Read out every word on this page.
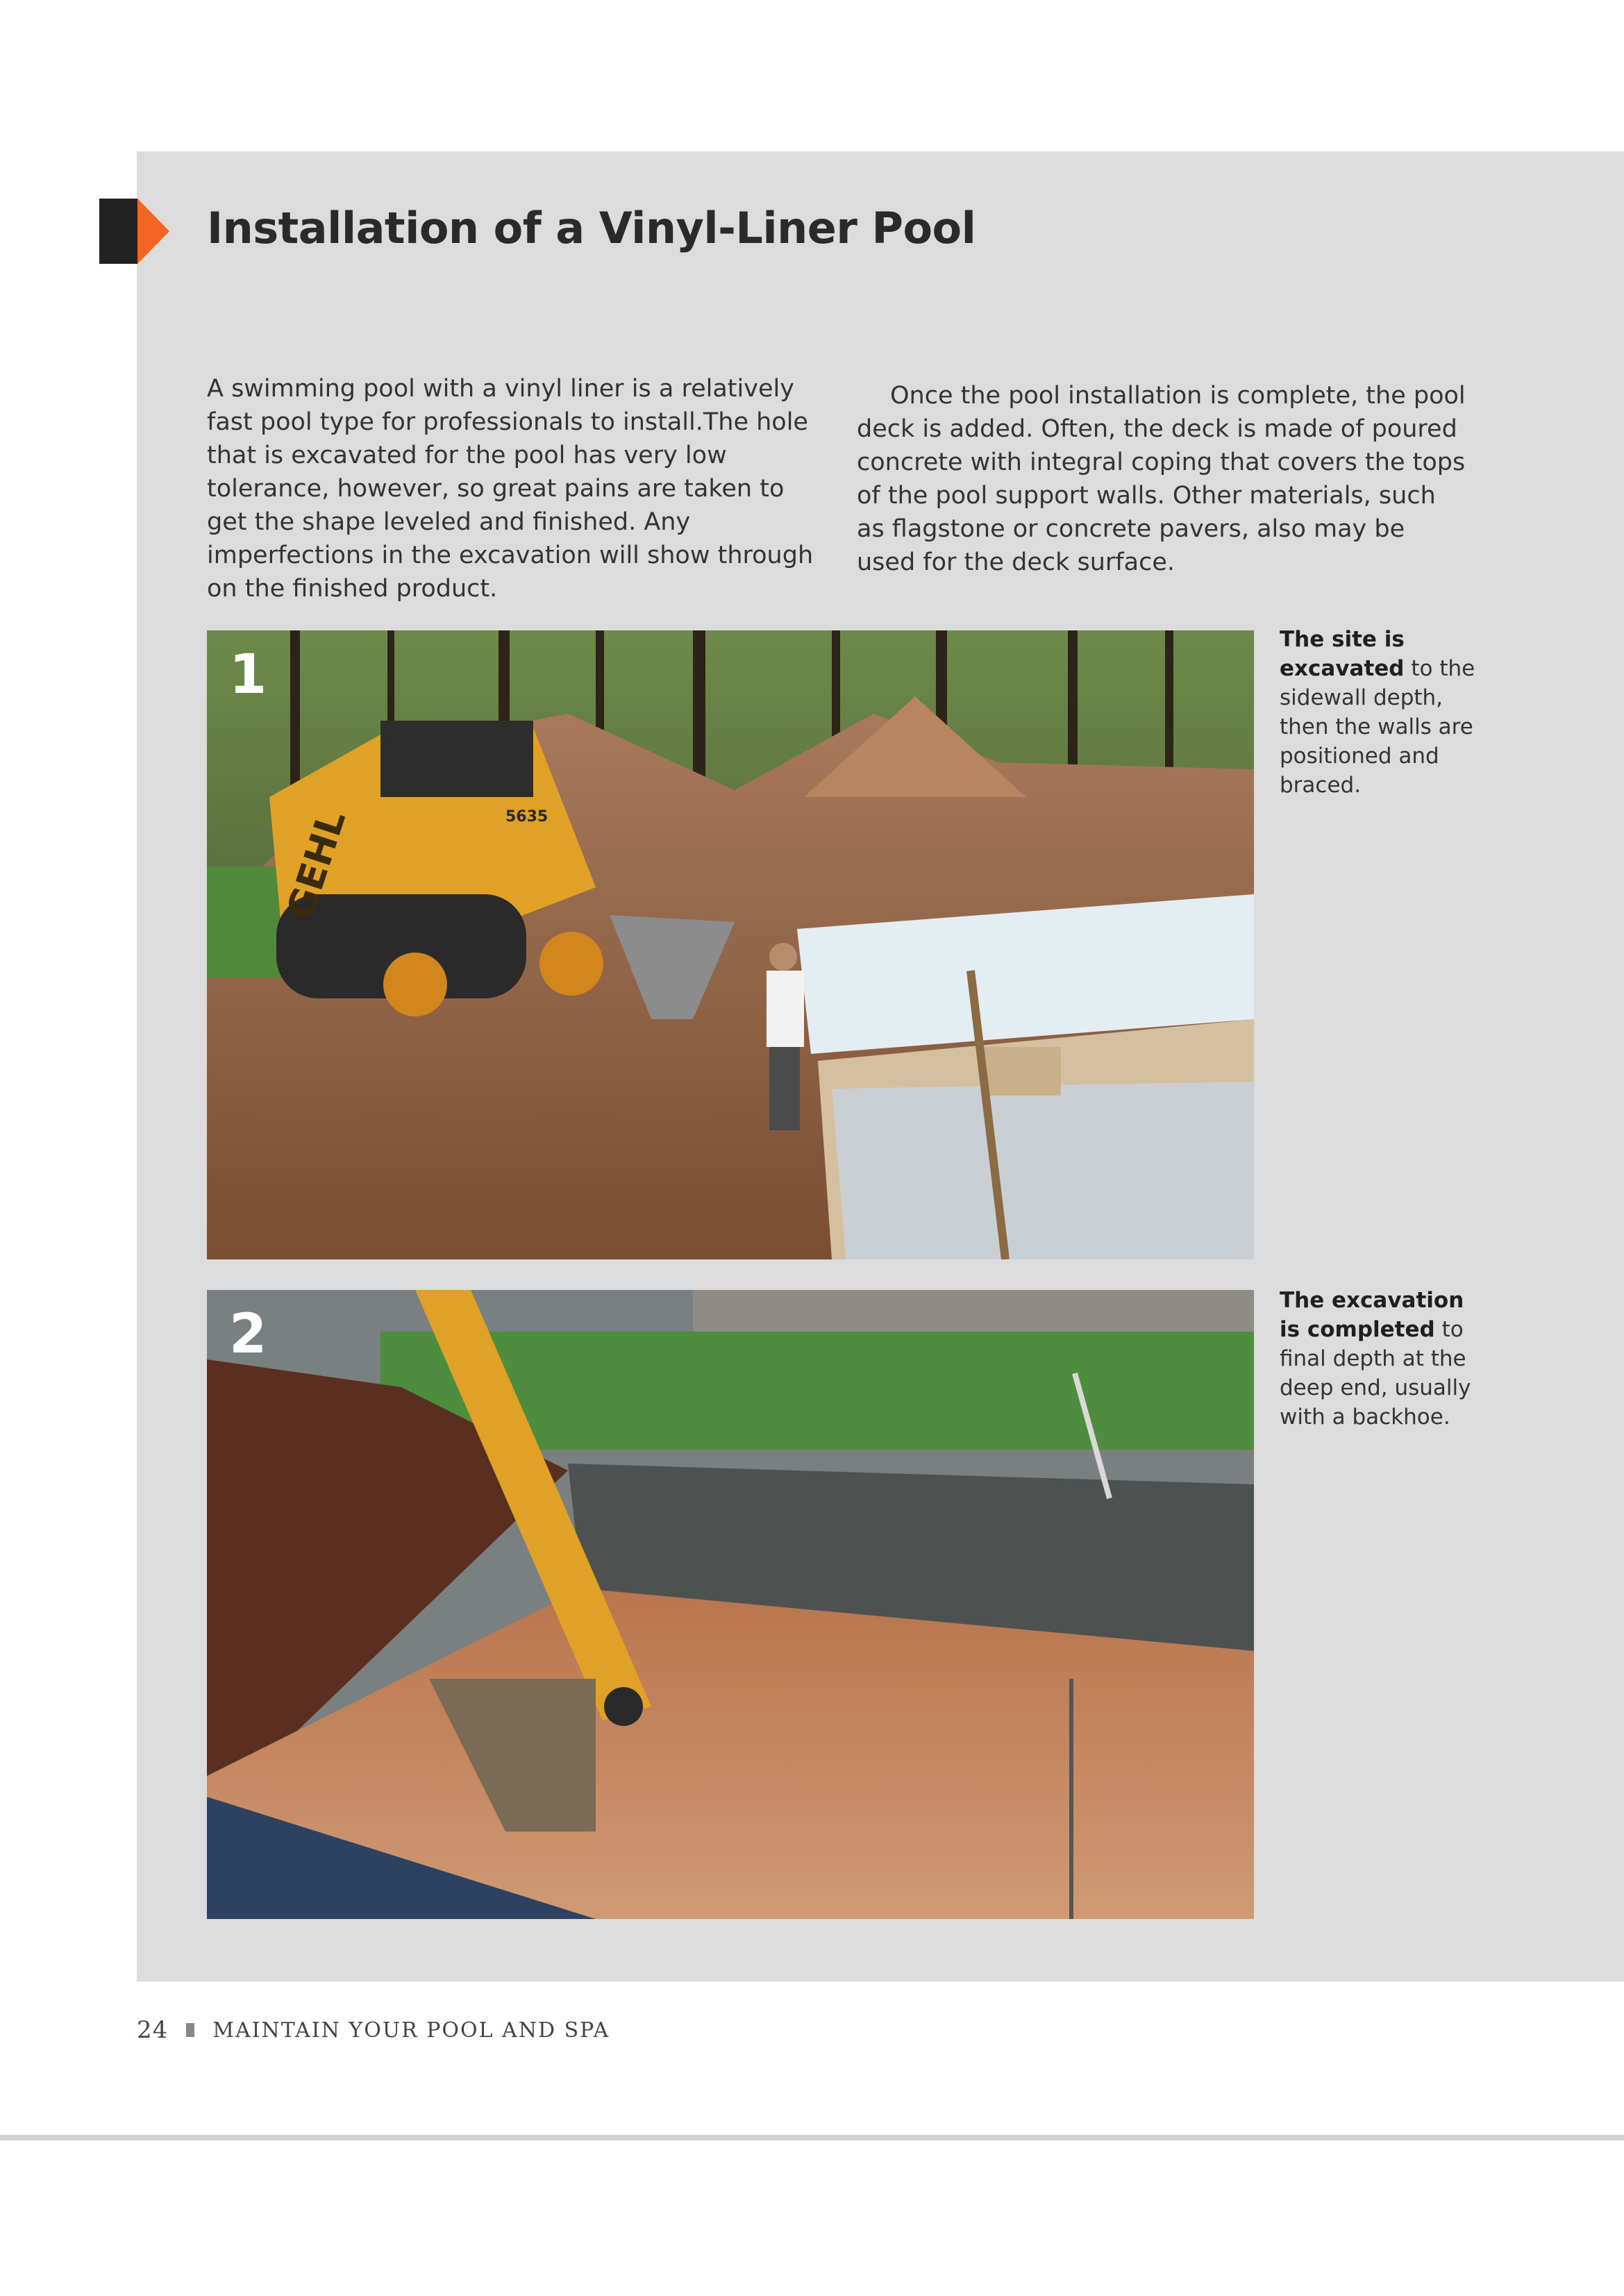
Installation of a Vinyl-Liner Pool

A swimming pool with a vinyl liner is a relatively fast pool type for professionals to install.The hole that is excavated for the pool has very low tolerance, however, so great pains are taken to get the shape leveled and finished. Any imperfections in the excavation will show through on the finished product.

Once the pool installation is complete, the pool deck is added. Often, the deck is made of poured concrete with integral coping that covers the tops of the pool support walls. Other materials, such as flagstone or concrete pavers, also may be used for the deck surface.

GEHL	5635
1
The site is excavated to the sidewall depth, then the walls are positioned and braced.
2
The excavation is completed to final depth at the deep end, usually with a backhoe.
24 MAINTAIN YOUR POOL AND SPA
